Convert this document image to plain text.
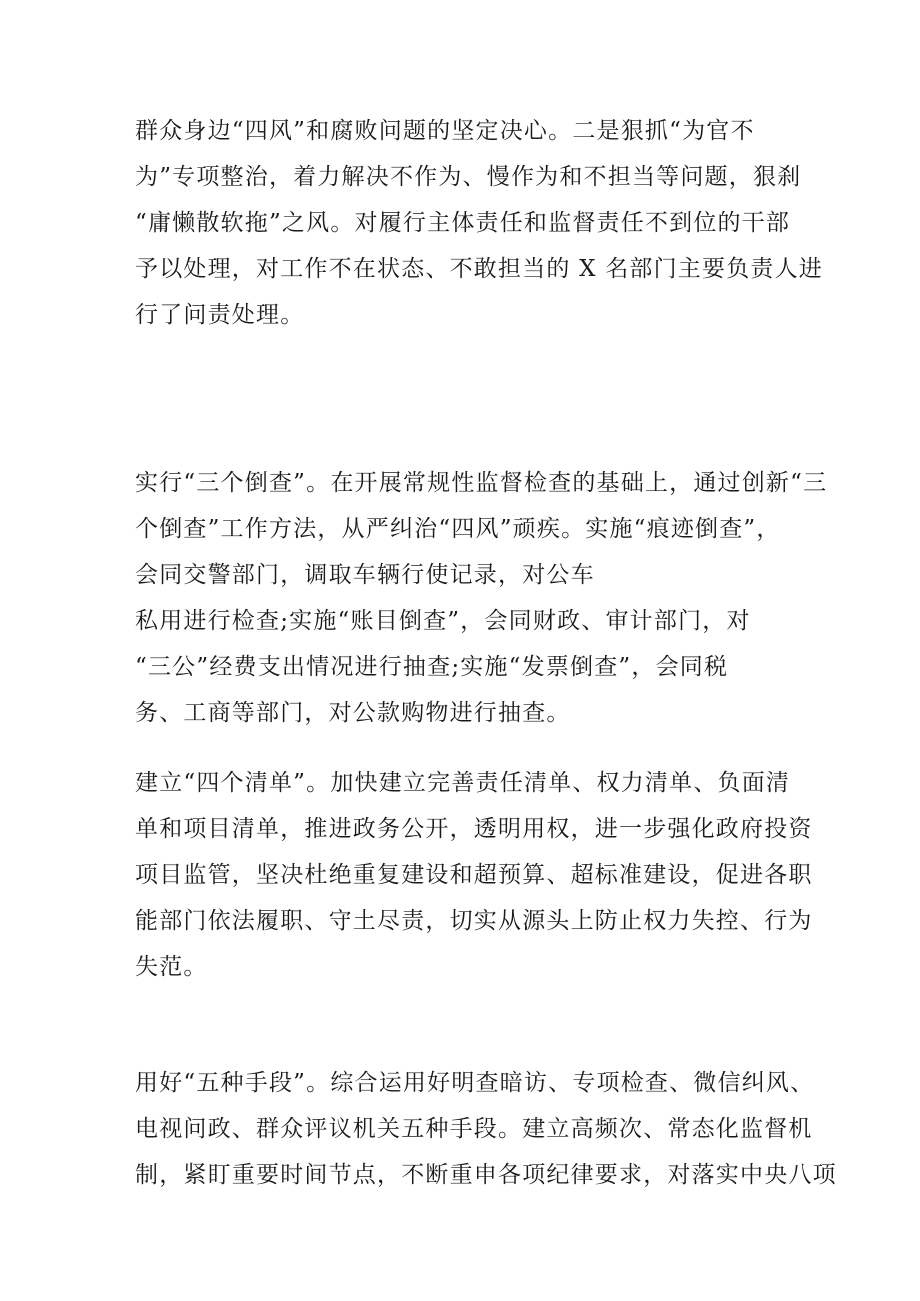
群众身边“四风”和腐败问题的坚定决心。二是狠抓“为官不
为”专项整治，着力解决不作为、慢作为和不担当等问题，狠刹
“庸懒散软拖”之风。对履行主体责任和监督责任不到位的干部
予以处理，对工作不在状态、不敢担当的 X 名部门主要负责人进
行了问责处理。
实行“三个倒查”。在开展常规性监督检查的基础上，通过创新“三
个倒查”工作方法，从严纠治“四风”顽疾。实施“痕迹倒查”，
会同交警部门，调取车辆行使记录，对公车
私用进行检查;实施“账目倒查”，会同财政、审计部门，对
“三公”经费支出情况进行抽查;实施“发票倒查”，会同税
务、工商等部门，对公款购物进行抽查。
建立“四个清单”。加快建立完善责任清单、权力清单、负面清
单和项目清单，推进政务公开，透明用权，进一步强化政府投资
项目监管，坚决杜绝重复建设和超预算、超标准建设，促进各职
能部门依法履职、守土尽责，切实从源头上防止权力失控、行为
失范。
用好“五种手段”。综合运用好明查暗访、专项检查、微信纠风、
电视问政、群众评议机关五种手段。建立高频次、常态化监督机
制，紧盯重要时间节点，不断重申各项纪律要求，对落实中央八项
